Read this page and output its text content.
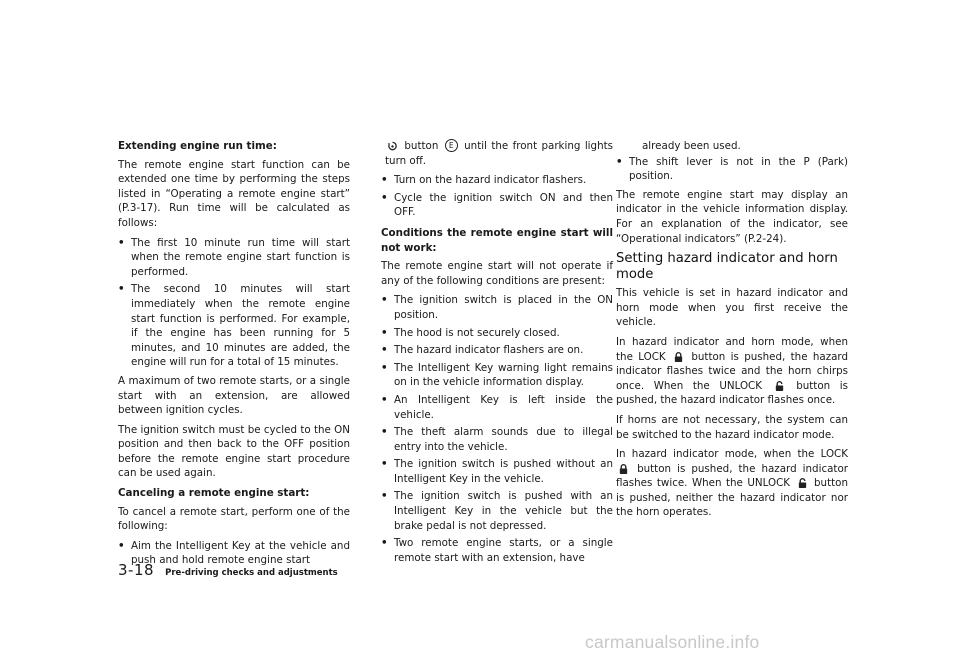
Extending engine run time:

The remote engine start function can be extended one time by performing the steps listed in “Operating a remote engine start” (P.3-17). Run time will be calculated as follows:

• The first 10 minute run time will start when the remote engine start function is performed.
• The second 10 minutes will start immediately when the remote engine start function is performed. For example, if the engine has been running for 5 minutes, and 10 minutes are added, the engine will run for a total of 15 minutes.

A maximum of two remote starts, or a single start with an extension, are allowed between ignition cycles.

The ignition switch must be cycled to the ON position and then back to the OFF position before the remote engine start procedure can be used again.

Canceling a remote engine start:

To cancel a remote start, perform one of the following:

• Aim the Intelligent Key at the vehicle and push and hold remote engine start

button E until the front parking lights turn off.

• Turn on the hazard indicator flashers.
• Cycle the ignition switch ON and then OFF.

Conditions the remote engine start will not work:

The remote engine start will not operate if any of the following conditions are present:

• The ignition switch is placed in the ON position.
• The hood is not securely closed.
• The hazard indicator flashers are on.
• The Intelligent Key warning light remains on in the vehicle information display.
• An Intelligent Key is left inside the vehicle.
• The theft alarm sounds due to illegal entry into the vehicle.
• The ignition switch is pushed without an Intelligent Key in the vehicle.
• The ignition switch is pushed with an Intelligent Key in the vehicle but the brake pedal is not depressed.
• Two remote engine starts, or a single remote start with an extension, have

already been used.

• The shift lever is not in the P (Park) position.

The remote engine start may display an indicator in the vehicle information display. For an explanation of the indicator, see “Operational indicators” (P.2-24).

Setting hazard indicator and horn mode

This vehicle is set in hazard indicator and horn mode when you first receive the vehicle.

In hazard indicator and horn mode, when the LOCK button is pushed, the hazard indicator flashes twice and the horn chirps once. When the UNLOCK	button is pushed, the hazard indicator flashes once.

If horns are not necessary, the system can be switched to the hazard indicator mode.

In hazard indicator mode, when the LOCK  button is pushed, the hazard indicator flashes twice. When the UNLOCK button is pushed, neither the hazard indicator nor the horn operates.

3-18 Pre-driving checks and adjustments
carmanualsonline.info
